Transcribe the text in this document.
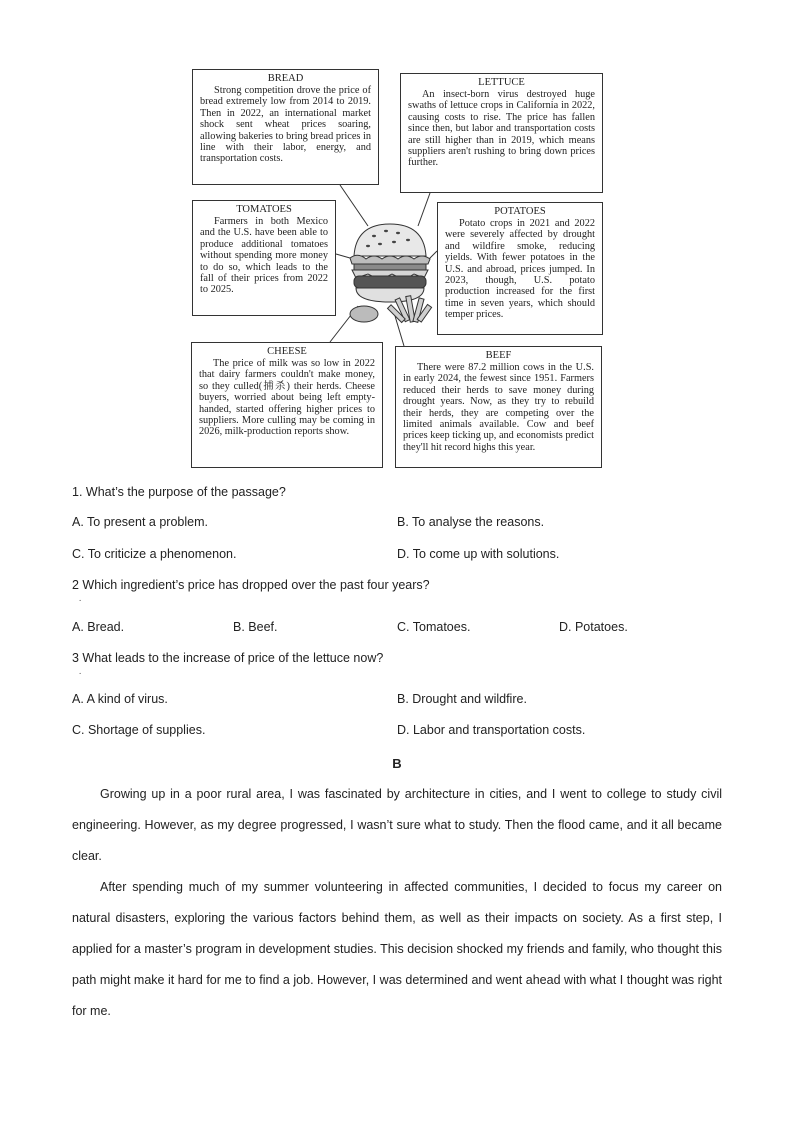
BREAD
Strong competition drove the price of bread extremely low from 2014 to 2019. Then in 2022, an international market shock sent wheat prices soaring, allowing bakeries to bring bread prices in line with their labor, energy, and transportation costs.
LETTUCE
An insect-born virus destroyed huge swaths of lettuce crops in California in 2022, causing costs to rise. The price has fallen since then, but labor and transportation costs are still higher than in 2019, which means suppliers aren't rushing to bring down prices further.
TOMATOES
Farmers in both Mexico and the U.S. have been able to produce additional tomatoes without spending more money to do so, which leads to the fall of their prices from 2022 to 2025.
POTATOES
Potato crops in 2021 and 2022 were severely affected by drought and wildfire smoke, reducing yields. With fewer potatoes in the U.S. and abroad, prices jumped. In 2023, though, U.S. potato production increased for the first time in seven years, which should temper prices.
CHEESE
The price of milk was so low in 2022 that dairy farmers couldn't make money, so they culled(捕杀) their herds. Cheese buyers, worried about being left empty-handed, started offering higher prices to suppliers. More culling may be coming in 2026, milk-production reports show.
BEEF
There were 87.2 million cows in the U.S. in early 2024, the fewest since 1951. Farmers reduced their herds to save money during drought years. Now, as they try to rebuild their herds, they are competing over the limited animals available. Cow and beef prices keep ticking up, and economists predict they'll hit record highs this year.
1. What’s the purpose of the passage?
A. To present a problem.	B. To analyse the reasons.
C. To criticize a phenomenon.	D. To come up with solutions.
2 Which ingredient’s price has dropped over the past four years?
.
A. Bread.	B. Beef.	C. Tomatoes.	D. Potatoes.
3 What leads to the increase of price of the lettuce now?
.
A. A kind of virus.	B. Drought and wildfire.
C. Shortage of supplies.	D. Labor and transportation costs.
B
Growing up in a poor rural area, I was fascinated by architecture in cities, and I went to college to study civil engineering. However, as my degree progressed, I wasn’t sure what to study. Then the flood came, and it all became clear.
After spending much of my summer volunteering in affected communities, I decided to focus my career on natural disasters, exploring the various factors behind them, as well as their impacts on society. As a first step, I applied for a master’s program in development studies. This decision shocked my friends and family, who thought this path might make it hard for me to find a job. However, I was determined and went ahead with what I thought was right for me.
